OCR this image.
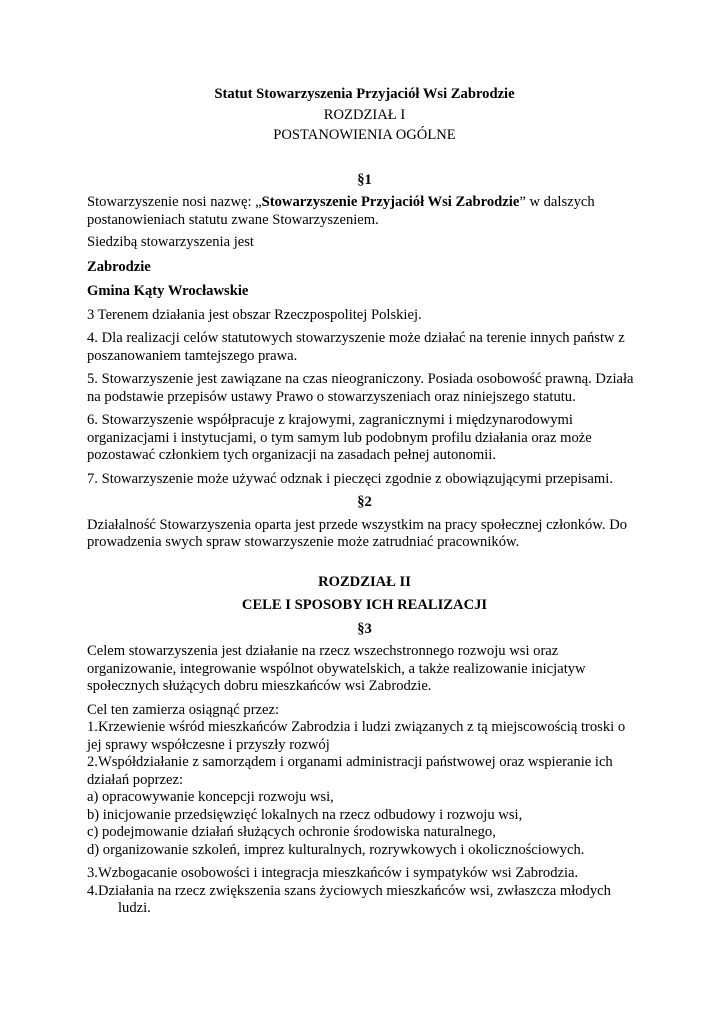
Statut Stowarzyszenia Przyjaciół Wsi Zabrodzie

ROZDZIAŁ I

POSTANOWIENIA OGÓLNE

§1

Stowarzyszenie nosi nazwę: „Stowarzyszenie Przyjaciół Wsi Zabrodzie” w dalszych postanowieniach statutu zwane Stowarzyszeniem.

Siedzibą stowarzyszenia jest

Zabrodzie

Gmina Kąty Wrocławskie

3 Terenem działania jest obszar Rzeczpospolitej Polskiej.

4. Dla realizacji celów statutowych stowarzyszenie może działać na terenie innych państw z poszanowaniem tamtejszego prawa.

5. Stowarzyszenie jest zawiązane na czas nieograniczony. Posiada osobowość prawną. Działa na podstawie przepisów ustawy Prawo o stowarzyszeniach oraz niniejszego statutu.

6. Stowarzyszenie współpracuje z krajowymi, zagranicznymi i międzynarodowymi organizacjami i instytucjami, o tym samym lub podobnym profilu działania oraz może pozostawać członkiem tych organizacji na zasadach pełnej autonomii.

7. Stowarzyszenie może używać odznak i pieczęci zgodnie z obowiązującymi przepisami.

§2

Działalność Stowarzyszenia oparta jest przede wszystkim na pracy społecznej członków. Do prowadzenia swych spraw stowarzyszenie może zatrudniać pracowników.

ROZDZIAŁ II

CELE I SPOSOBY ICH REALIZACJI

§3

Celem stowarzyszenia jest działanie na rzecz wszechstronnego rozwoju wsi oraz organizowanie, integrowanie wspólnot obywatelskich, a także realizowanie inicjatyw społecznych służących dobru mieszkańców wsi Zabrodzie.

Cel ten zamierza osiągnąć przez:

1.Krzewienie wśród mieszkańców Zabrodzia i ludzi związanych z tą miejscowością troski o jej sprawy współczesne i przyszły rozwój

2.Współdziałanie z samorządem i organami administracji państwowej oraz wspieranie ich działań poprzez:

a) opracowywanie koncepcji rozwoju wsi,

b) inicjowanie przedsięwzięć lokalnych na rzecz odbudowy i rozwoju wsi,

c) podejmowanie działań służących ochronie środowiska naturalnego,

d) organizowanie szkoleń, imprez kulturalnych, rozrywkowych i okolicznościowych.

3.Wzbogacanie osobowości i integracja mieszkańców i sympatyków wsi Zabrodzia.

4.Działania na rzecz zwiększenia szans życiowych mieszkańców wsi, zwłaszcza młodych

ludzi.
